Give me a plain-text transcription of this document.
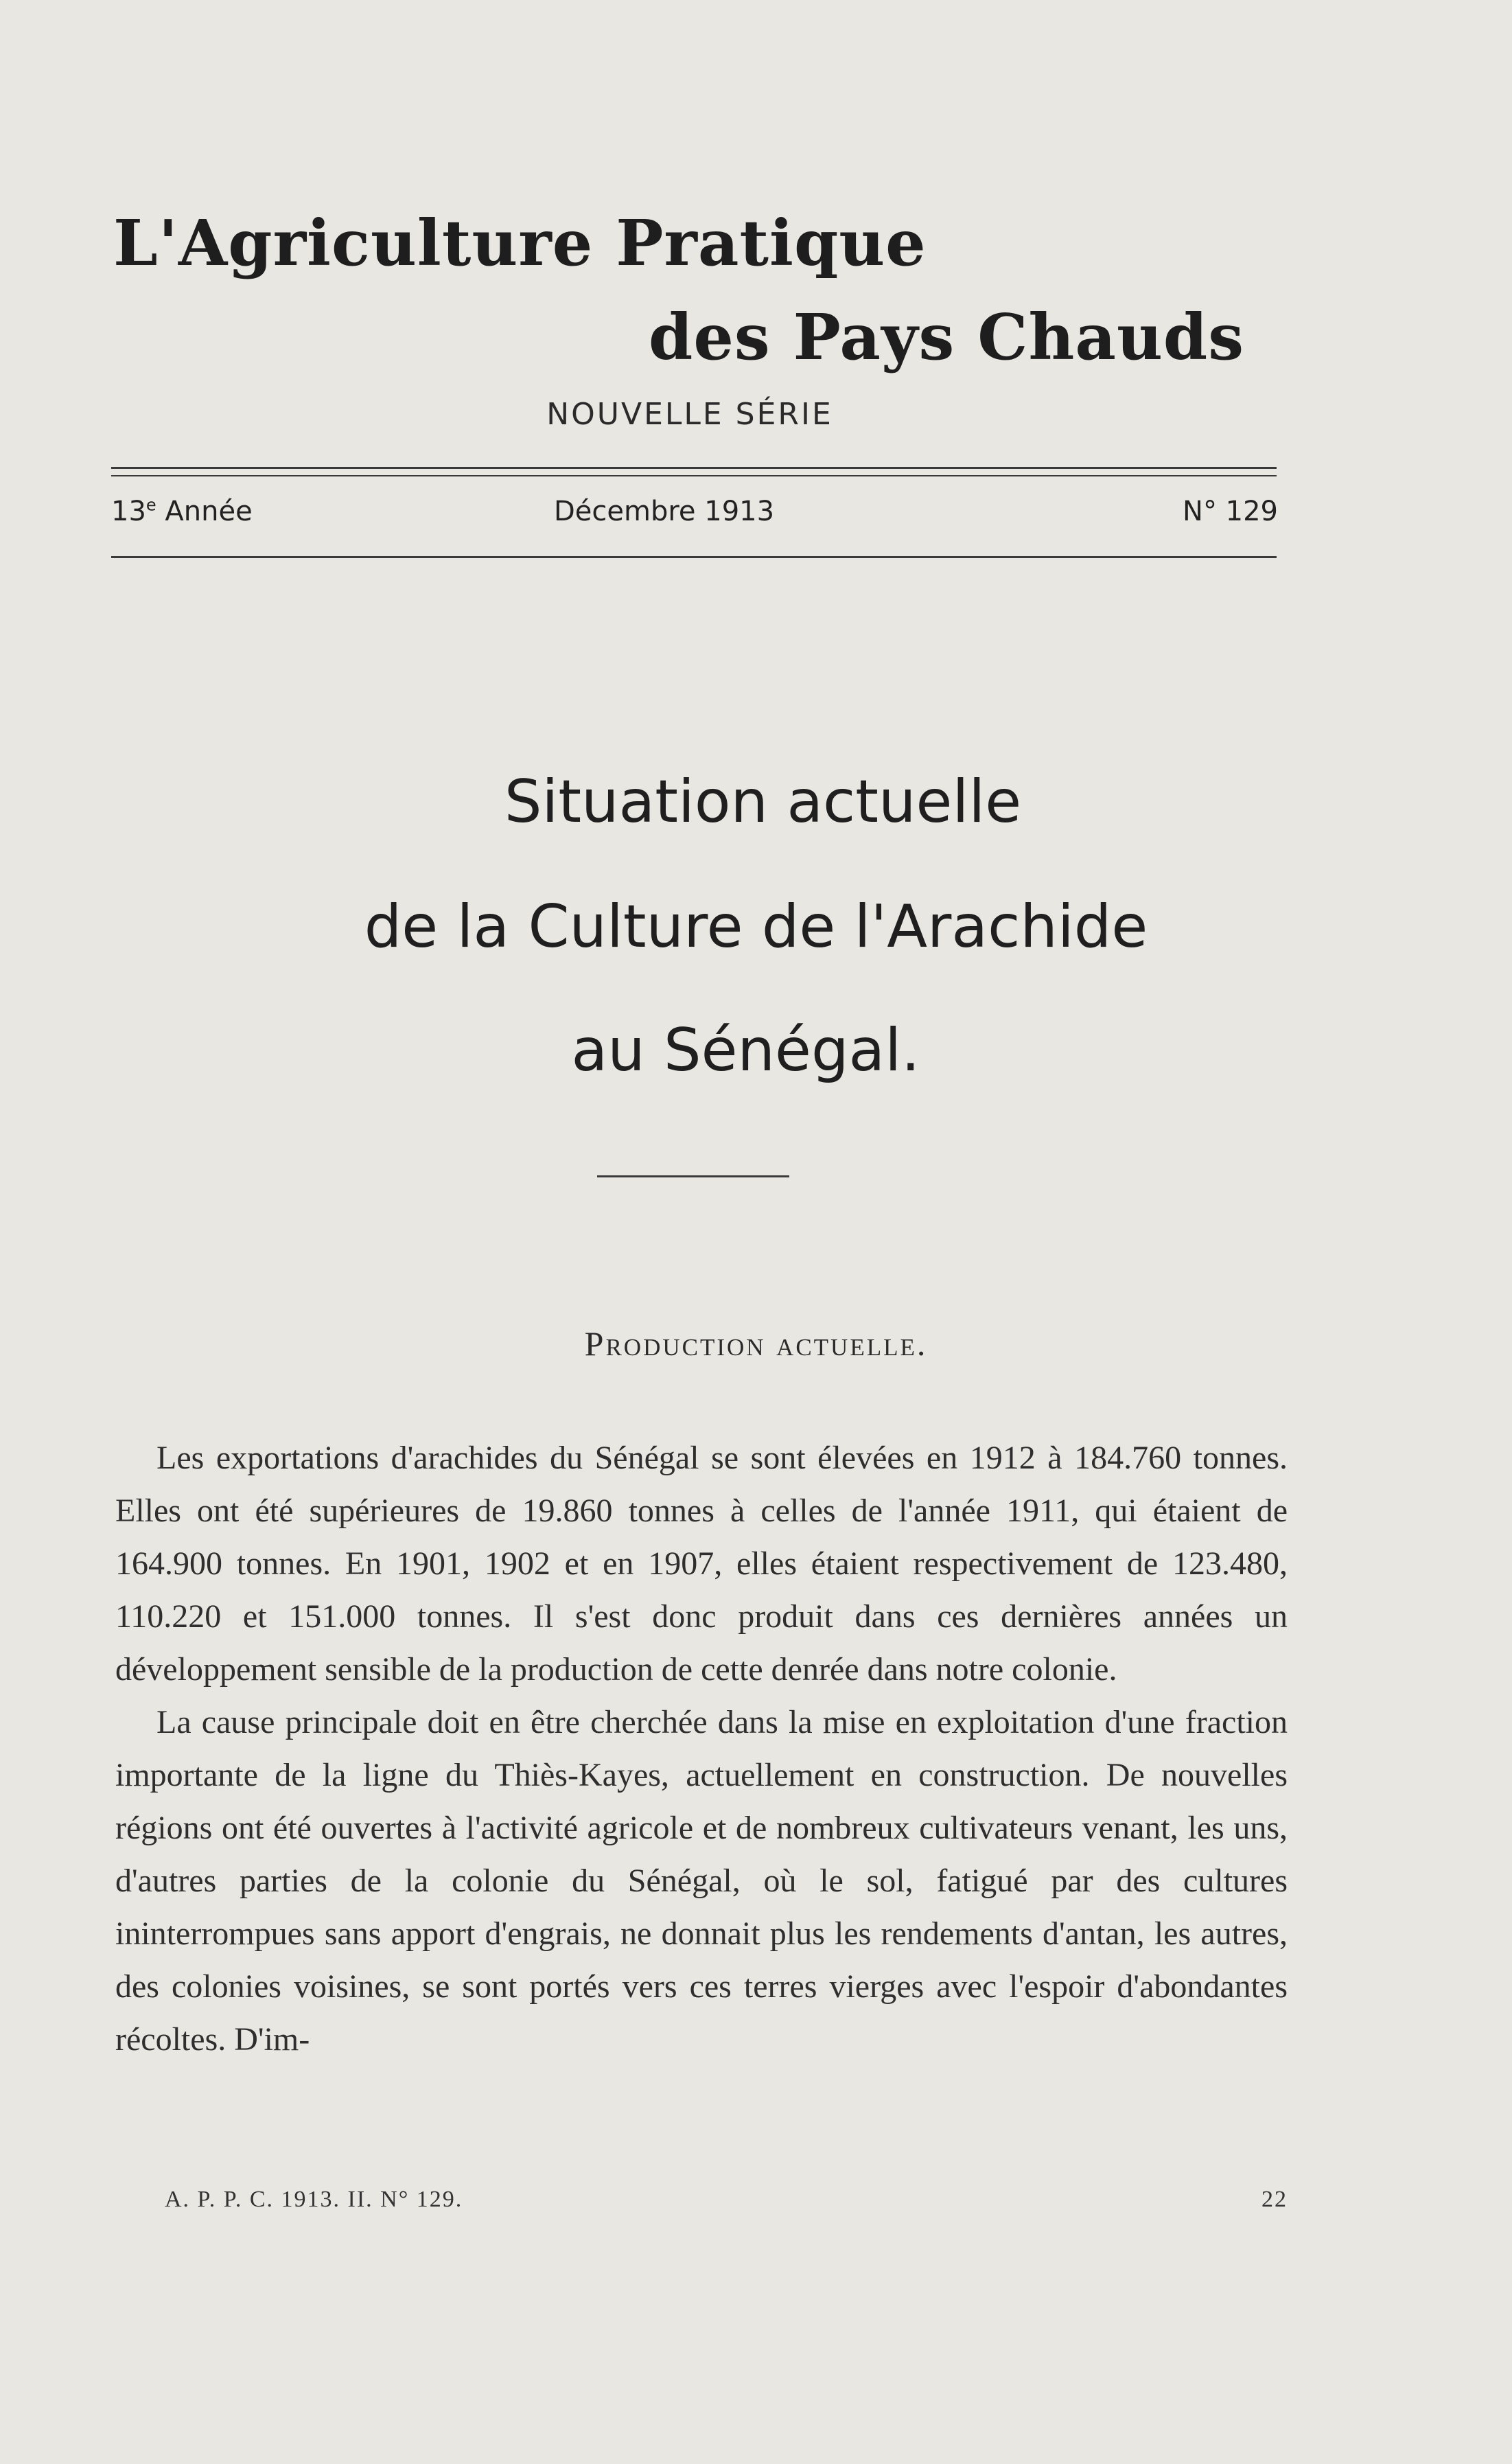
L'Agriculture Pratique
des Pays Chauds
NOUVELLE SÉRIE
13e Année	Décembre 1913	N° 129
Situation actuelle
de la Culture de l'Arachide
au Sénégal.
Production actuelle.

Les exportations d'arachides du Sénégal se sont élevées en 1912 à 184.760 tonnes. Elles ont été supérieures de 19.860 tonnes à celles de l'année 1911, qui étaient de 164.900 tonnes. En 1901, 1902 et en 1907, elles étaient respectivement de 123.480, 110.220 et 151.000 tonnes. Il s'est donc produit dans ces dernières années un développement sensible de la production de cette denrée dans notre colonie.

La cause principale doit en être cherchée dans la mise en exploitation d'une fraction importante de la ligne du Thiès-Kayes, actuellement en construction. De nouvelles régions ont été ouvertes à l'activité agricole et de nombreux cultivateurs venant, les uns, d'autres parties de la colonie du Sénégal, où le sol, fatigué par des cultures ininterrompues sans apport d'engrais, ne donnait plus les rendements d'antan, les autres, des colonies voisines, se sont portés vers ces terres vierges avec l'espoir d'abondantes récoltes. D'im-

A. P. P. C. 1913. II. N° 129.	22
